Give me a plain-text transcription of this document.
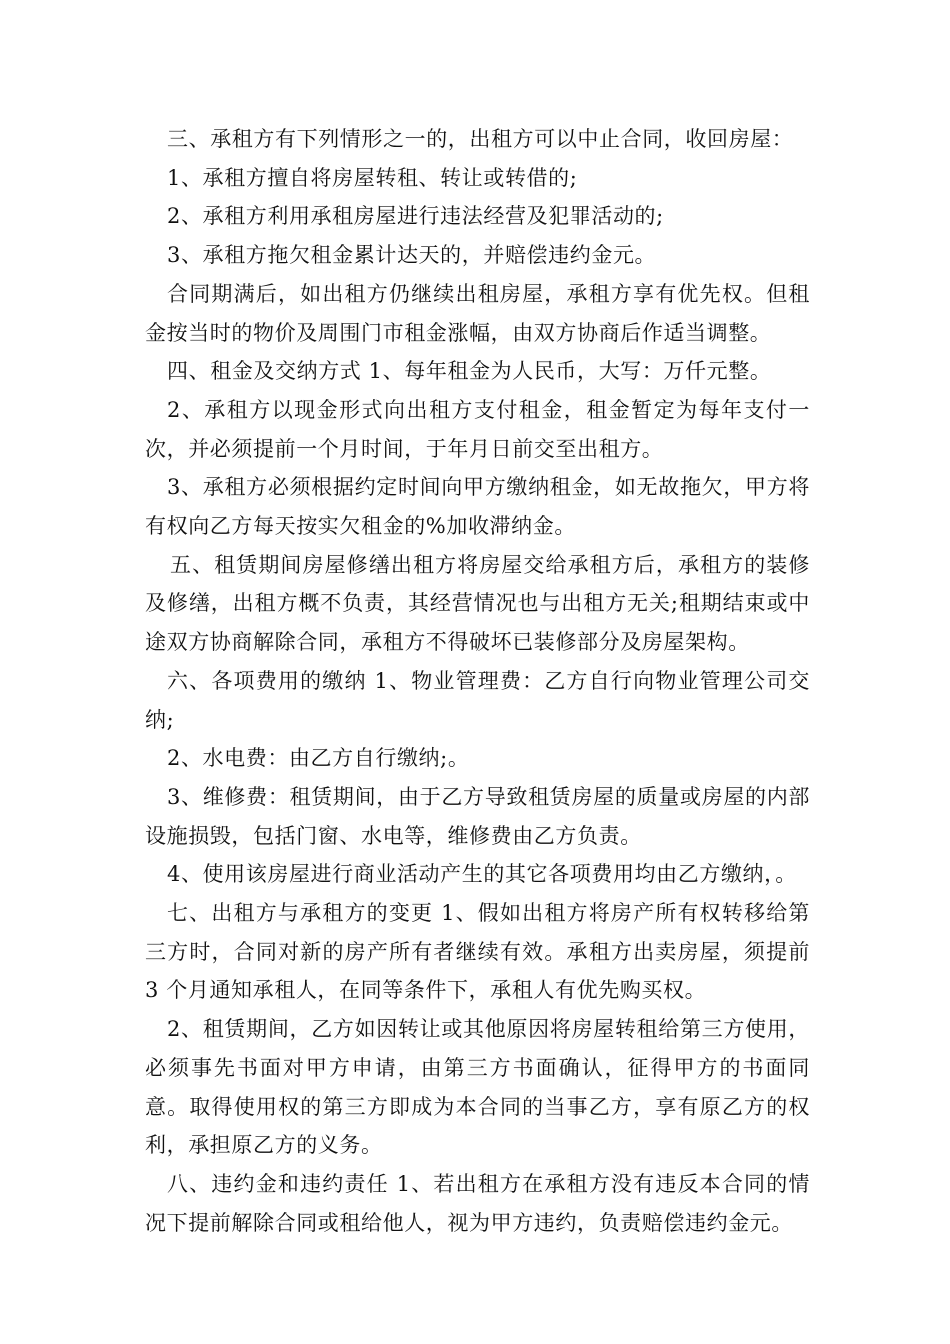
三、承租方有下列情形之一的，出租方可以中止合同，收回房屋：

1、承租方擅自将房屋转租、转让或转借的;

2、承租方利用承租房屋进行违法经营及犯罪活动的;

3、承租方拖欠租金累计达天的，并赔偿违约金元。

合同期满后，如出租方仍继续出租房屋，承租方享有优先权。但租金按当时的物价及周围门市租金涨幅，由双方协商后作适当调整。

四、租金及交纳方式 1、每年租金为人民币，大写：万仟元整。

2、承租方以现金形式向出租方支付租金，租金暂定为每年支付一次，并必须提前一个月时间，于年月日前交至出租方。

3、承租方必须根据约定时间向甲方缴纳租金，如无故拖欠，甲方将有权向乙方每天按实欠租金的%加收滞纳金。

五、租赁期间房屋修缮出租方将房屋交给承租方后，承租方的装修及修缮，出租方概不负责，其经营情况也与出租方无关;租期结束或中途双方协商解除合同，承租方不得破坏已装修部分及房屋架构。

六、各项费用的缴纳 1、物业管理费：乙方自行向物业管理公司交纳;

2、水电费：由乙方自行缴纳;。

3、维修费：租赁期间，由于乙方导致租赁房屋的质量或房屋的内部设施损毁，包括门窗、水电等，维修费由乙方负责。

4、使用该房屋进行商业活动产生的其它各项费用均由乙方缴纳，。

七、出租方与承租方的变更 1、假如出租方将房产所有权转移给第三方时，合同对新的房产所有者继续有效。承租方出卖房屋，须提前 3 个月通知承租人，在同等条件下，承租人有优先购买权。

2、租赁期间，乙方如因转让或其他原因将房屋转租给第三方使用，必须事先书面对甲方申请，由第三方书面确认，征得甲方的书面同意。取得使用权的第三方即成为本合同的当事乙方，享有原乙方的权利，承担原乙方的义务。

八、违约金和违约责任 1、若出租方在承租方没有违反本合同的情况下提前解除合同或租给他人，视为甲方违约，负责赔偿违约金元。
